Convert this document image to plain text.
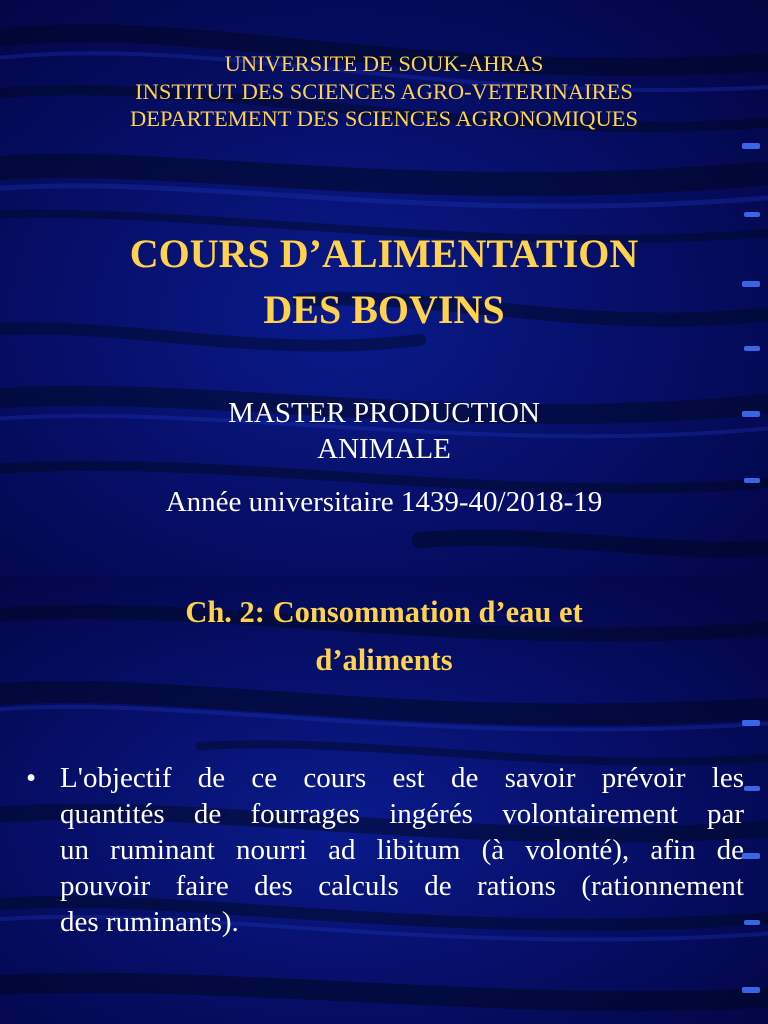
UNIVERSITE DE SOUK-AHRAS
INSTITUT DES SCIENCES AGRO-VETERINAIRES
DEPARTEMENT DES SCIENCES AGRONOMIQUES
COURS D’ALIMENTATION
DES BOVINS
MASTER PRODUCTION
ANIMALE
Année universitaire 1439-40/2018-19
Ch. 2: Consommation d’eau et
d’aliments
• L'objectif de ce cours est de savoir prévoir les
quantités de fourrages ingérés volontairement par
un ruminant nourri ad libitum (à volonté), afin de
pouvoir faire des calculs de rations (rationnement
des ruminants).
